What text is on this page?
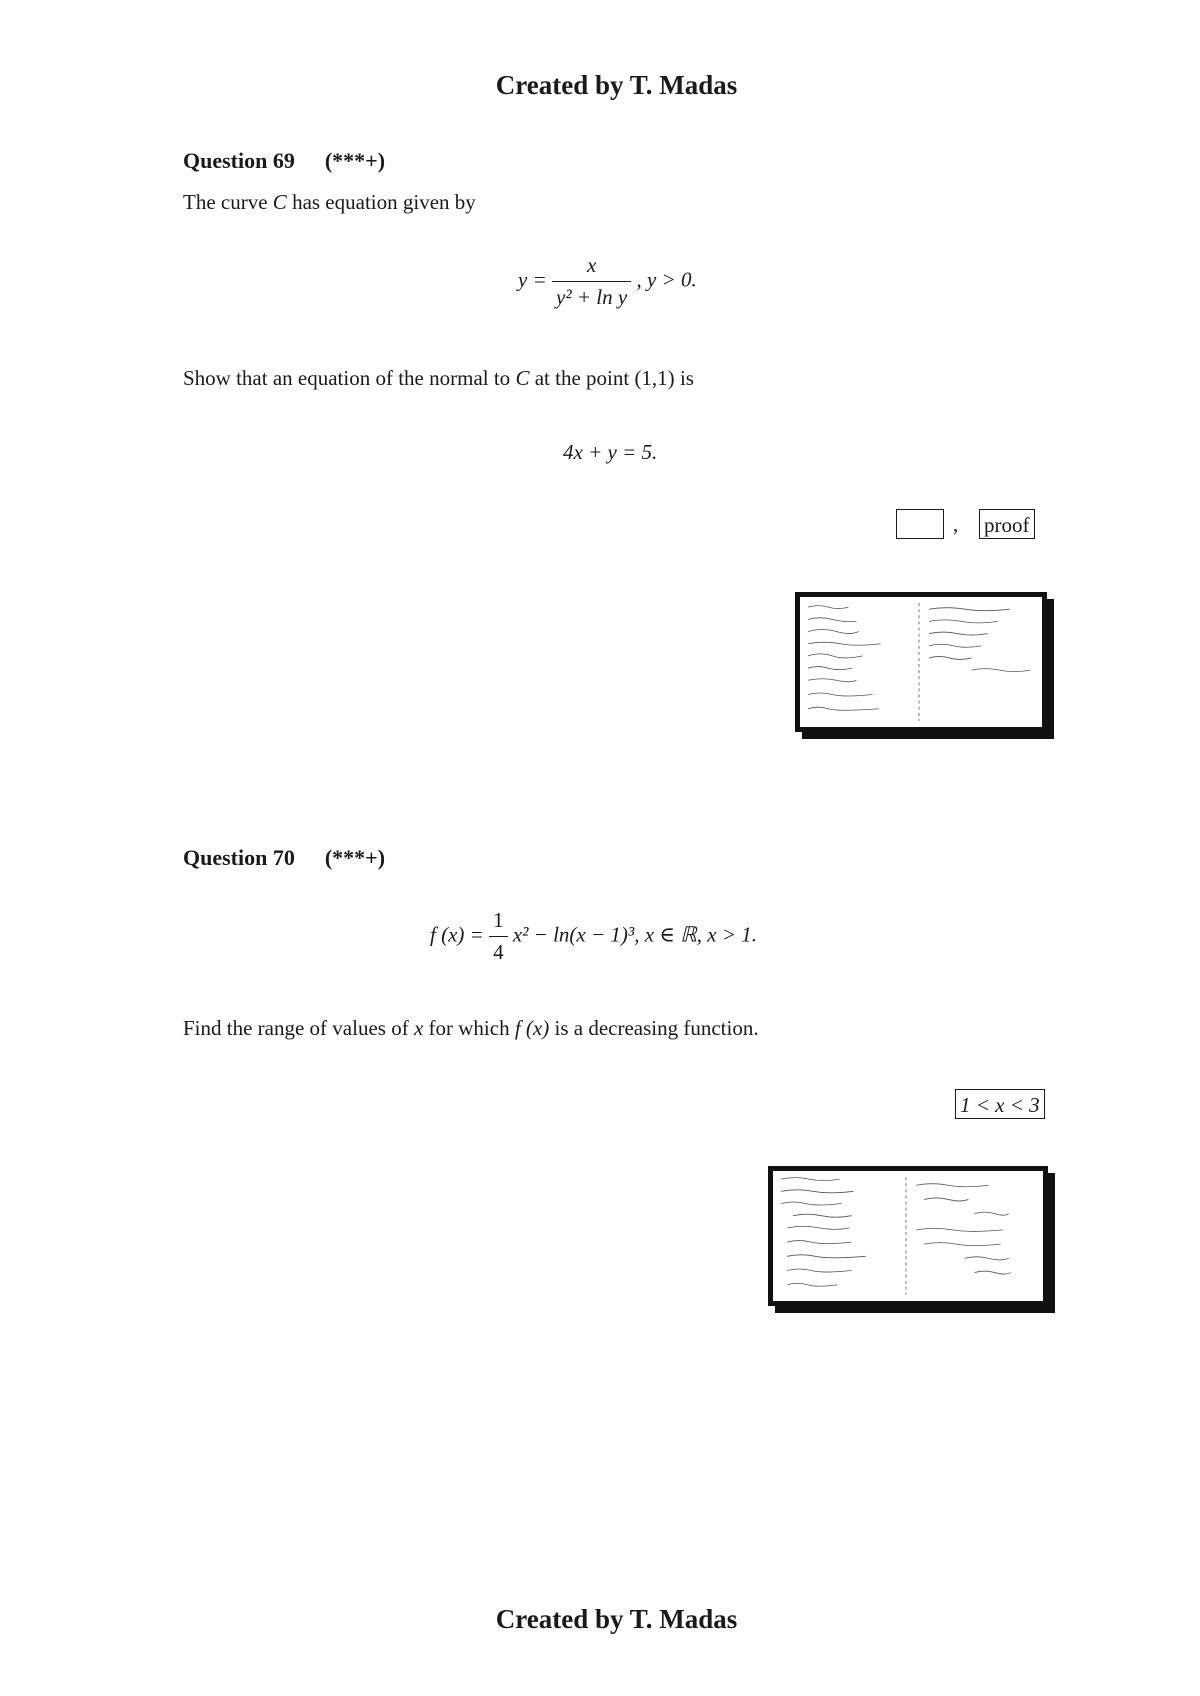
Created by T. Madas
Question 69 (***+)
The curve C has equation given by
$y = \frac{x}{\text{y² + ln y}}$ , y > 0.
Show that an equation of the normal to C at the point (1,1) is
4x + y = 5.
, proof
Question 70 (***+)
f $(x) = \frac{1}{4} x^2 - \ln(x - 1)^3$, x ∈ ℝ, x > 1.
Find the range of values of x for which f (x) is a decreasing function.
1 < x < 3
Created by T. Madas
